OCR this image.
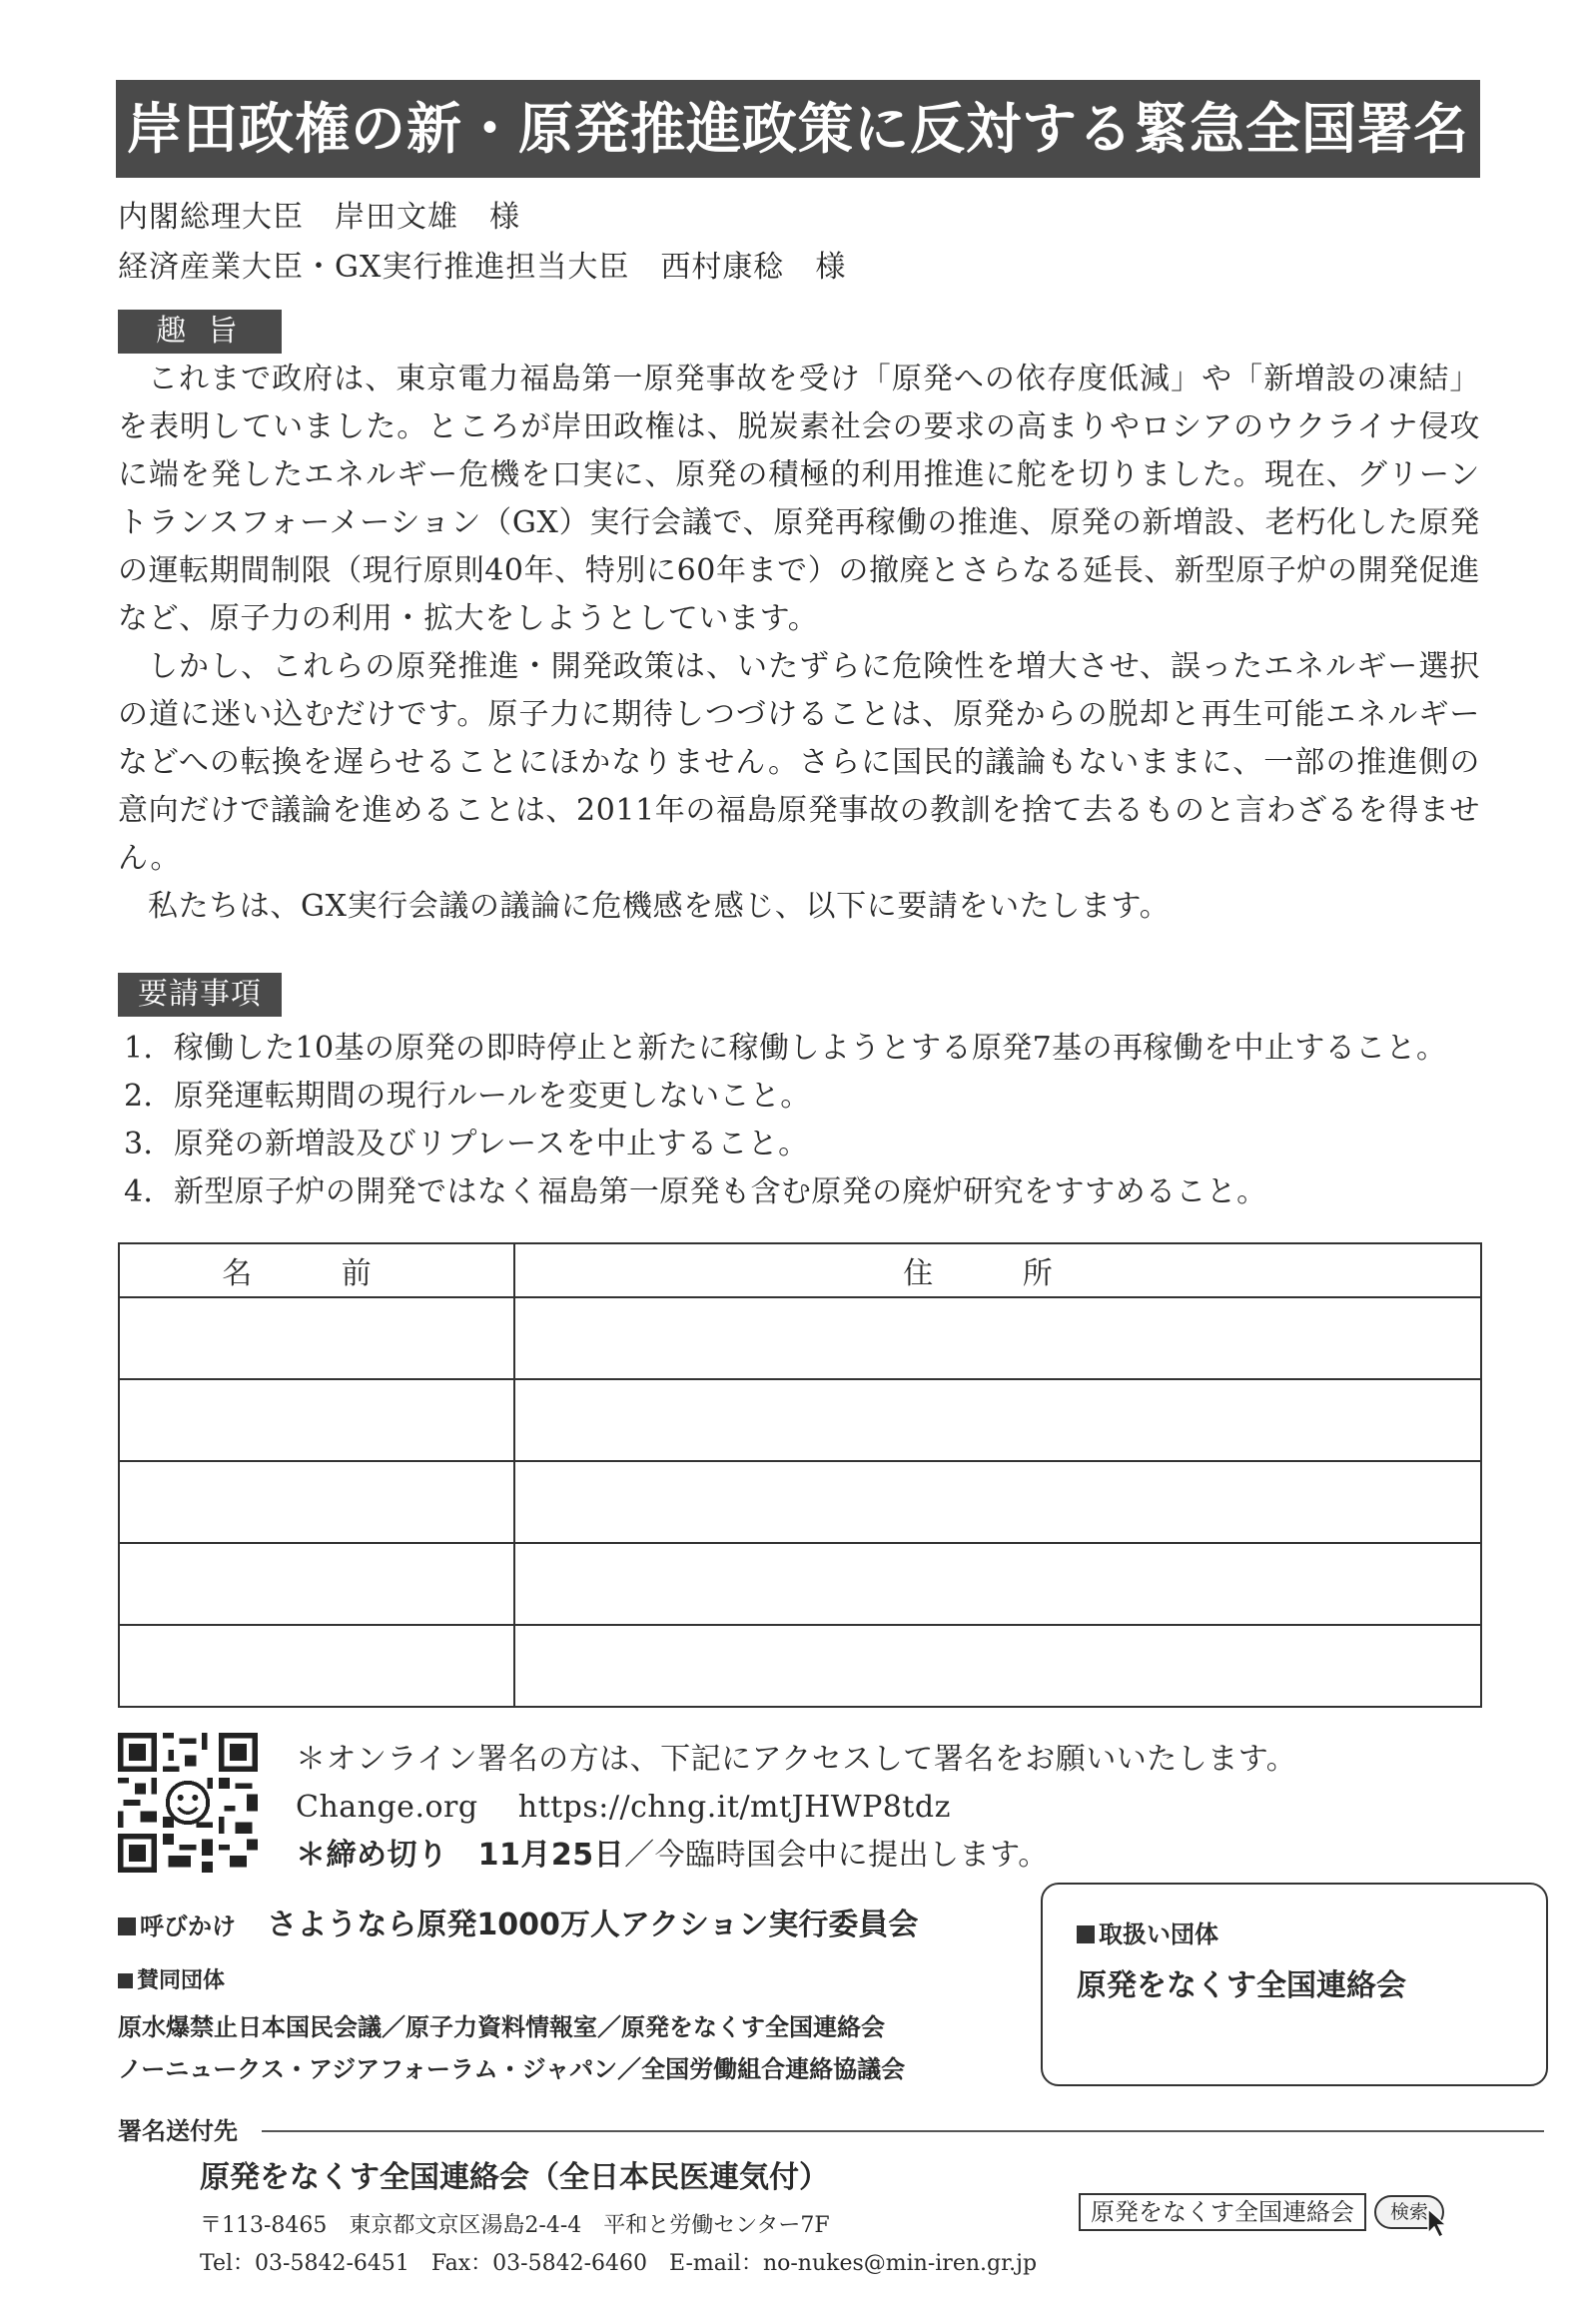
岸田政権の新・原発推進政策に反対する緊急全国署名
内閣総理大臣　岸田文雄　様
経済産業大臣・GX実行推進担当大臣　西村康稔　様
趣 旨

これまで政府は、東京電力福島第一原発事故を受け「原発への依存度低減」や「新増設の凍結」を表明していました。ところが岸田政権は、脱炭素社会の要求の高まりやロシアのウクライナ侵攻に端を発したエネルギー危機を口実に、原発の積極的利用推進に舵を切りました。現在、グリーントランスフォーメーション（GX）実行会議で、原発再稼働の推進、原発の新増設、老朽化した原発の運転期間制限（現行原則40年、特別に60年まで）の撤廃とさらなる延長、新型原子炉の開発促進など、原子力の利用・拡大をしようとしています。

しかし、これらの原発推進・開発政策は、いたずらに危険性を増大させ、誤ったエネルギー選択の道に迷い込むだけです。原子力に期待しつづけることは、原発からの脱却と再生可能エネルギーなどへの転換を遅らせることにほかなりません。さらに国民的議論もないままに、一部の推進側の意向だけで議論を進めることは、2011年の福島原発事故の教訓を捨て去るものと言わざるを得ません。

私たちは、GX実行会議の議論に危機感を感じ、以下に要請をいたします。

要請事項
1．稼働した10基の原発の即時停止と新たに稼働しようとする原発7基の再稼働を中止すること。
2．原発運転期間の現行ルールを変更しないこと。
3．原発の新増設及びリプレースを中止すること。
4．新型原子炉の開発ではなく福島第一原発も含む原発の廃炉研究をすすめること。
名 前	住 所

＊オンライン署名の方は、下記にアクセスして署名をお願いいたします。
Change.org https://chng.it/mtJHWP8tdz
＊締め切り 11月25日／今臨時国会中に提出します。
呼びかけ さようなら原発1000万人アクション実行委員会
賛同団体
原水爆禁止日本国民会議／原子力資料情報室／原発をなくす全国連絡会
ノーニュークス・アジアフォーラム・ジャパン／全国労働組合連絡協議会
取扱い団体
原発をなくす全国連絡会
署名送付先
原発をなくす全国連絡会（全日本民医連気付）
〒113-8465　東京都文京区湯島2-4-4　平和と労働センター7F
Tel：03-5842-6451　Fax：03-5842-6460　E-mail：no-nukes@min-iren.gr.jp
原発をなくす全国連絡会	検索
